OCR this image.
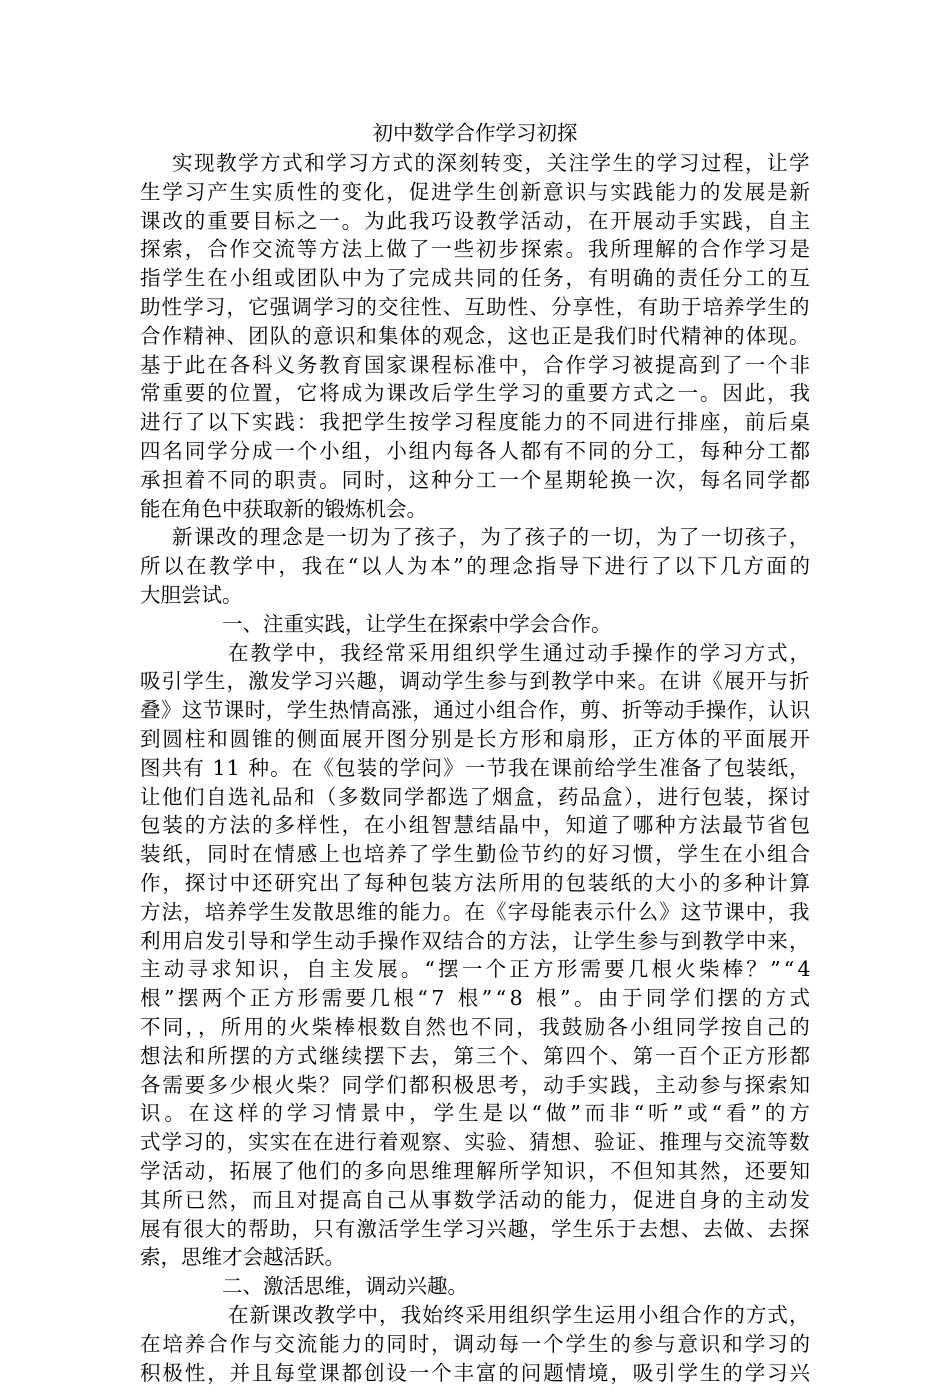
初中数学合作学习初探
实现教学方式和学习方式的深刻转变，关注学生的学习过程，让学
生学习产生实质性的变化，促进学生创新意识与实践能力的发展是新
课改的重要目标之一。为此我巧设教学活动，在开展动手实践，自主
探索，合作交流等方法上做了一些初步探索。我所理解的合作学习是
指学生在小组或团队中为了完成共同的任务，有明确的责任分工的互
助性学习，它强调学习的交往性、互助性、分享性，有助于培养学生的
合作精神、团队的意识和集体的观念，这也正是我们时代精神的体现。
基于此在各科义务教育国家课程标准中，合作学习被提高到了一个非
常重要的位置，它将成为课改后学生学习的重要方式之一。因此，我
进行了以下实践：我把学生按学习程度能力的不同进行排座，前后桌
四名同学分成一个小组，小组内每各人都有不同的分工，每种分工都
承担着不同的职责。同时，这种分工一个星期轮换一次，每名同学都
能在角色中获取新的锻炼机会。
新课改的理念是一切为了孩子，为了孩子的一切，为了一切孩子，
所以在教学中，我在“以人为本”的理念指导下进行了以下几方面的
大胆尝试。
一、注重实践，让学生在探索中学会合作。
在教学中，我经常采用组织学生通过动手操作的学习方式，
吸引学生，激发学习兴趣，调动学生参与到教学中来。在讲《展开与折
叠》这节课时，学生热情高涨，通过小组合作，剪、折等动手操作，认识
到圆柱和圆锥的侧面展开图分别是长方形和扇形，正方体的平面展开
图共有 11 种。在《包装的学问》一节我在课前给学生准备了包装纸，
让他们自选礼品和（多数同学都选了烟盒，药品盒），进行包装，探讨
包装的方法的多样性，在小组智慧结晶中，知道了哪种方法最节省包
装纸，同时在情感上也培养了学生勤俭节约的好习惯，学生在小组合
作，探讨中还研究出了每种包装方法所用的包装纸的大小的多种计算
方法，培养学生发散思维的能力。在《字母能表示什么》这节课中，我
利用启发引导和学生动手操作双结合的方法，让学生参与到教学中来，
主动寻求知识，自主发展。“摆一个正方形需要几根火柴棒？”“4
根”摆两个正方形需要几根“7 根”“8 根”。由于同学们摆的方式
不同，，所用的火柴棒根数自然也不同，我鼓励各小组同学按自己的
想法和所摆的方式继续摆下去，第三个、第四个、第一百个正方形都
各需要多少根火柴？同学们都积极思考，动手实践，主动参与探索知
识。在这样的学习情景中，学生是以“做”而非“听”或“看”的方
式学习的，实实在在进行着观察、实验、猜想、验证、推理与交流等数
学活动，拓展了他们的多向思维理解所学知识，不但知其然，还要知
其所已然，而且对提高自己从事数学活动的能力，促进自身的主动发
展有很大的帮助，只有激活学生学习兴趣，学生乐于去想、去做、去探
索，思维才会越活跃。
二、激活思维，调动兴趣。
在新课改教学中，我始终采用组织学生运用小组合作的方式，
在培养合作与交流能力的同时，调动每一个学生的参与意识和学习的
积极性，并且每堂课都创设一个丰富的问题情境，吸引学生的学习兴
